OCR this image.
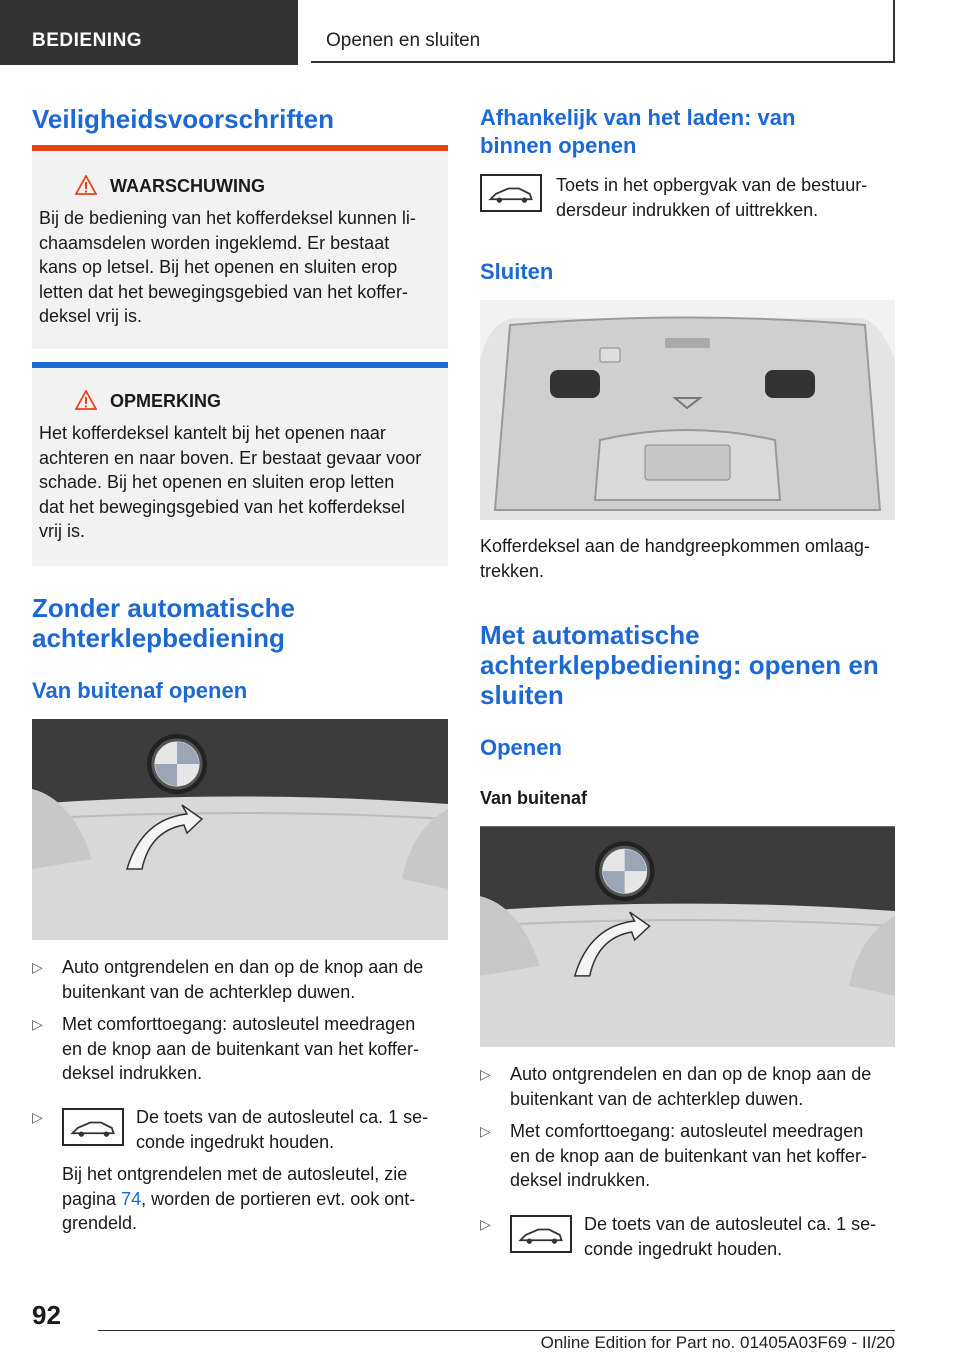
BEDIENING	Openen en sluiten
Veiligheidsvoorschriften
WAARSCHUWING
Bij de bediening van het kofferdeksel kunnen li-
chaamsdelen worden ingeklemd. Er bestaat
kans op letsel. Bij het openen en sluiten erop
letten dat het bewegingsgebied van het koffer-
deksel vrij is.
OPMERKING
Het kofferdeksel kantelt bij het openen naar
achteren en naar boven. Er bestaat gevaar voor
schade. Bij het openen en sluiten erop letten
dat het bewegingsgebied van het kofferdeksel
vrij is.
Zonder automatische
achterklepbediening
Van buitenaf openen
▷ Auto ontgrendelen en dan op de knop aan de
buitenkant van de achterklep duwen.
▷ Met comforttoegang: autosleutel meedragen
en de knop aan de buitenkant van het koffer-
deksel indrukken.
▷	De toets van de autosleutel ca. 1 se-
conde ingedrukt houden.
Bij het ontgrendelen met de autosleutel, zie
pagina 74, worden de portieren evt. ook ont-
grendeld.
Afhankelijk van het laden: van
binnen openen
Toets in het opbergvak van de bestuur-
dersdeur indrukken of uittrekken.
Sluiten
Kofferdeksel aan de handgreepkommen omlaag-
trekken.
Met automatische
achterklepbediening: openen en
sluiten
Openen
Van buitenaf
▷ Auto ontgrendelen en dan op de knop aan de
buitenkant van de achterklep duwen.
▷ Met comforttoegang: autosleutel meedragen
en de knop aan de buitenkant van het koffer-
deksel indrukken.
▷	De toets van de autosleutel ca. 1 se-
conde ingedrukt houden.
92
Online Edition for Part no. 01405A03F69 - II/20
